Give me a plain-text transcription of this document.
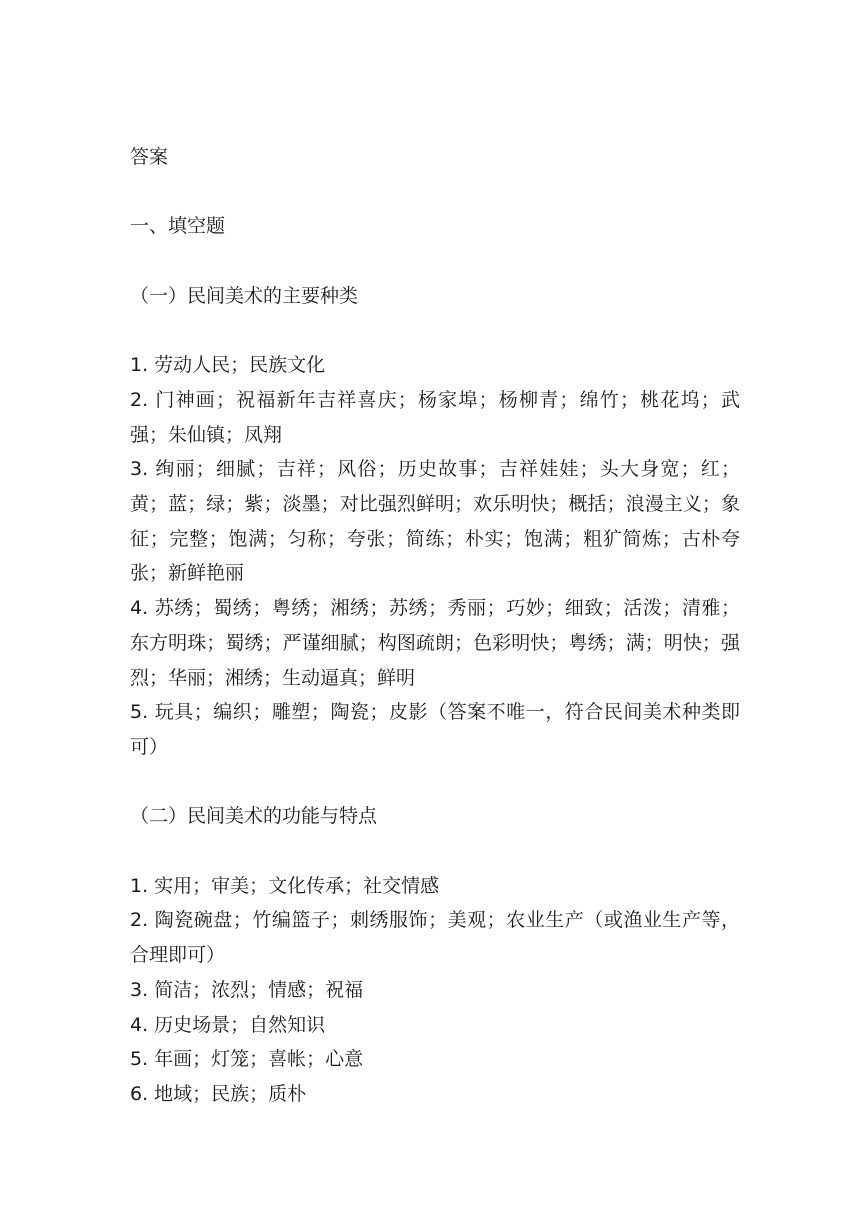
答案

一、填空题

（一）民间美术的主要种类

1. 劳动人民；民族文化

2. 门神画；祝福新年吉祥喜庆；杨家埠；杨柳青；绵竹；桃花坞；武强；朱仙镇；凤翔

3. 绚丽；细腻；吉祥；风俗；历史故事；吉祥娃娃；头大身宽；红；黄；蓝；绿；紫；淡墨；对比强烈鲜明；欢乐明快；概括；浪漫主义；象征；完整；饱满；匀称；夸张；简练；朴实；饱满；粗犷简炼；古朴夸张；新鲜艳丽

4. 苏绣；蜀绣；粤绣；湘绣；苏绣；秀丽；巧妙；细致；活泼；清雅；东方明珠；蜀绣；严谨细腻；构图疏朗；色彩明快；粤绣；满；明快；强烈；华丽；湘绣；生动逼真；鲜明

5. 玩具；编织；雕塑；陶瓷；皮影（答案不唯一，符合民间美术种类即可）

（二）民间美术的功能与特点

1. 实用；审美；文化传承；社交情感

2. 陶瓷碗盘；竹编篮子；刺绣服饰；美观；农业生产（或渔业生产等，合理即可）

3. 简洁；浓烈；情感；祝福

4. 历史场景；自然知识

5. 年画；灯笼；喜帐；心意

6. 地域；民族；质朴
